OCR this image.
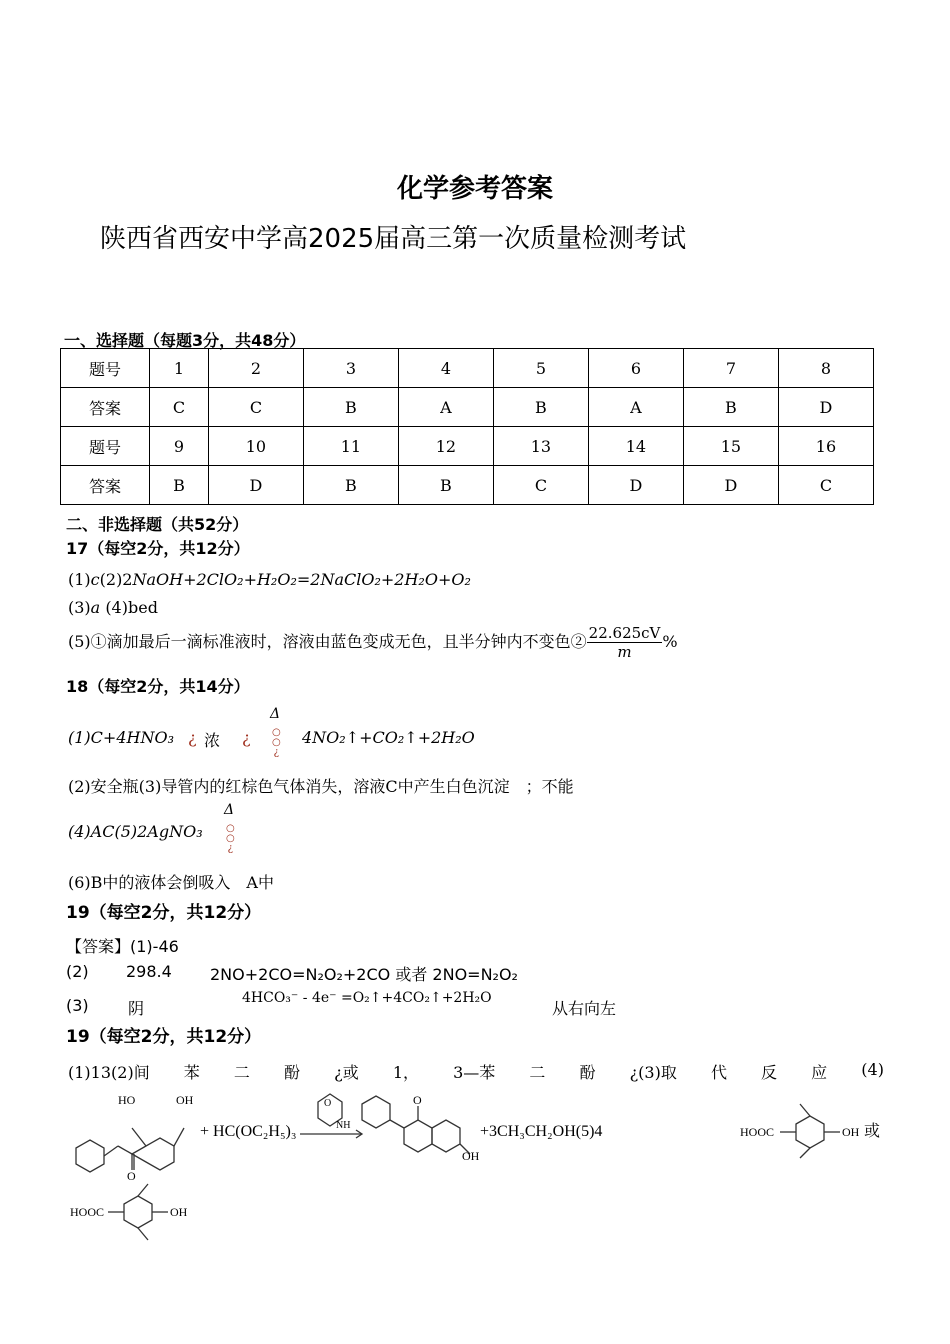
化学参考答案
陕西省西安中学高2025届高三第一次质量检测考试
一、选择题（每题3分，共48分）
题号	1	2	3	4	5	6	7	8
答案	C	C	B	A	B	A	B	D
题号	9	10	11	12	13	14	15	16
答案	B	D	B	B	C	D	D	C
二、非选择题（共52分）
17（每空2分，共12分）
(1)c(2)2NaOH+2ClO₂+H₂O₂=2NaClO₂+2H₂O+O₂
(3)a (4)bed
(5)①滴加最后一滴标准液时，溶液由蓝色变成无色，且半分钟内不变色② $\frac{22.625cV}{m}$ %
18（每空2分，共14分）
(1)C+4HNO₃ ¿ 浓 ¿
Δ
○
○
¿
4NO₂↑+CO₂↑+2H₂O
(2)安全瓶(3)导管内的红棕色气体消失，溶液C中产生白色沉淀　；不能
Δ
(4)AC(5)2AgNO₃ ○
○
¿
(6)B中的液体会倒吸入　A中
19（每空2分，共12分）
【答案】(1)-46
(2) 298.4 2NO+2CO=N₂O₂+2CO 或者 2NO=N₂O₂
(3) 阴
4HCO₃⁻ - 4e⁻ =O₂↑+4CO₂↑+2H₂O
从右向左
19（每空2分，共12分）
(1)13(2)间 苯 二 酚 ¿或 1， 3—苯 二 酚 ¿(3)取 代 反 应 (4)
HO	OH
O
+ HC(OC₂H₅)₃
O
NH
O
OH
+3CH₃CH₂OH(5)4	HOOC	OH 或
HOOC	OH
